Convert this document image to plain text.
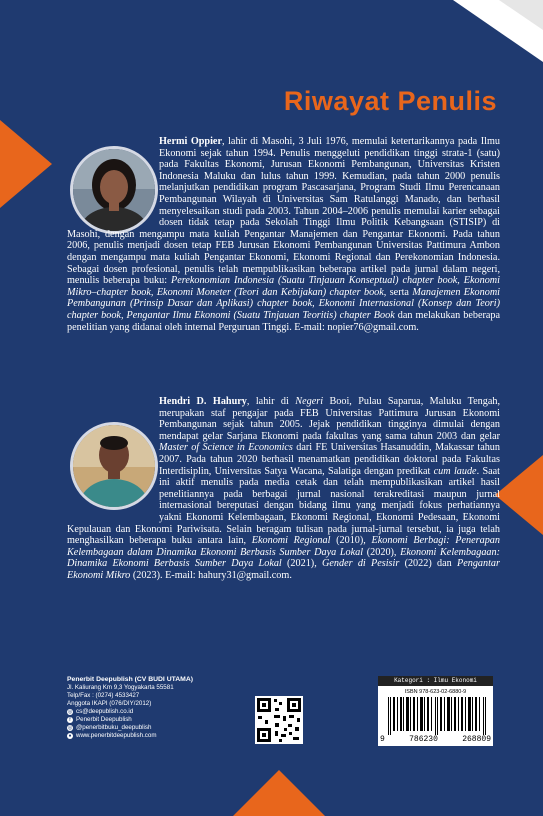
Riwayat Penulis
Hermi Oppier, lahir di Masohi, 3 Juli 1976, memulai ketertarikannya pada Ilmu Ekonomi sejak tahun 1994. Penulis menggeluti pendidikan tinggi strata-1 (satu) pada Fakultas Ekonomi, Jurusan Ekonomi Pembangunan, Universitas Kristen Indonesia Maluku dan lulus tahun 1999. Kemudian, pada tahun 2000 penulis melanjutkan pendidikan program Pascasarjana, Program Studi Ilmu Perencanaan Pembangunan Wilayah di Universitas Sam Ratulanggi Manado, dan berhasil menyelesaikan studi pada 2003. Tahun 2004–2006 penulis memulai karier sebagai dosen tidak tetap pada Sekolah Tinggi Ilmu Politik Kebangsaan (STISIP) di Masohi, dengan mengampu mata kuliah Pengantar Manajemen dan Pengantar Ekonomi. Pada tahun 2006, penulis menjadi dosen tetap FEB Jurusan Ekonomi Pembangunan Universitas Pattimura Ambon dengan mengampu mata kuliah Pengantar Ekonomi, Ekonomi Regional dan Perekonomian Indonesia. Sebagai dosen profesional, penulis telah mempublikasikan beberapa artikel pada jurnal dalam negeri, menulis beberapa buku: Perekonomian Indonesia (Suatu Tinjauan Konseptual) chapter book, Ekonomi Mikro–chapter book, Ekonomi Moneter (Teori dan Kebijakan) chapter book, serta Manajemen Ekonomi Pembangunan (Prinsip Dasar dan Aplikasi) chapter book, Ekonomi Internasional (Konsep dan Teori) chapter book, Pengantar Ilmu Ekonomi (Suatu Tinjauan Teoritis) chapter Book dan melakukan beberapa penelitian yang didanai oleh internal Perguruan Tinggi. E-mail: nopier76@gmail.com.
Hendri D. Hahury, lahir di Negeri Booi, Pulau Saparua, Maluku Tengah, merupakan staf pengajar pada FEB Universitas Pattimura Jurusan Ekonomi Pembangunan sejak tahun 2005. Jejak pendidikan tingginya dimulai dengan mendapat gelar Sarjana Ekonomi pada fakultas yang sama tahun 2003 dan gelar Master of Science in Economics dari FE Universitas Hasanuddin, Makassar tahun 2007. Pada tahun 2020 berhasil menamatkan pendidikan doktoral pada Fakultas Interdisiplin, Universitas Satya Wacana, Salatiga dengan predikat cum laude. Saat ini aktif menulis pada media cetak dan telah mempublikasikan artikel hasil penelitiannya pada berbagai jurnal nasional terakreditasi maupun jurnal internasional bereputasi dengan bidang ilmu yang menjadi fokus perhatiannya yakni Ekonomi Kelembagaan, Ekonomi Regional, Ekonomi Pedesaan, Ekonomi Kepulauan dan Ekonomi Pariwisata. Selain beragam tulisan pada jurnal-jurnal tersebut, ia juga telah menghasilkan beberapa buku antara lain, Ekonomi Regional (2010), Ekonomi Berbagi: Penerapan Kelembagaan dalam Dinamika Ekonomi Berbasis Sumber Daya Lokal (2020), Ekonomi Kelembagaan: Dinamika Ekonomi Berbasis Sumber Daya Lokal (2021), Gender di Pesisir (2022) dan Pengantar Ekonomi Mikro (2023). E-mail: hahury31@gmail.com.
Penerbit Deepublish (CV BUDI UTAMA)
Jl. Kaliurang Km 9,3 Yogyakarta 55581
Telp/Fax : (0274) 4533427
Anggota IKAPI (076/DIY/2012)
◎ cs@deepublish.co.id
f Penerbit Deepublish
◎ @penerbitbuku_deepublish
● www.penerbitdeepublish.com
Kategori : Ilmu Ekonomi
ISBN 978-623-02-6880-9
9	786230	268809
